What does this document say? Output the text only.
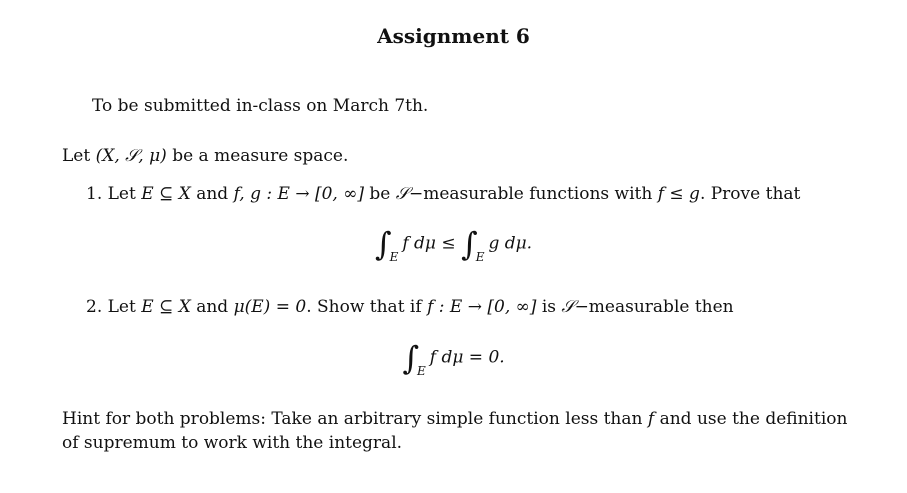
Assignment 6
To be submitted in-class on March 7th.
Let (X, 𝒮, μ) be a measure space.
1. Let E ⊆ X and f, g : E → [0, ∞] be 𝒮−measurable functions with f ≤ g. Prove that
$\int_Ef$ $d\mu \le \int_Eg$ dμ.
2. Let E ⊆ X and μ(E) = 0. Show that if f : E → [0, ∞] is 𝒮−measurable then
$\int_Ef$ dμ = 0.
Hint for both problems: Take an arbitrary simple function less than f and use the definition
of supremum to work with the integral.
